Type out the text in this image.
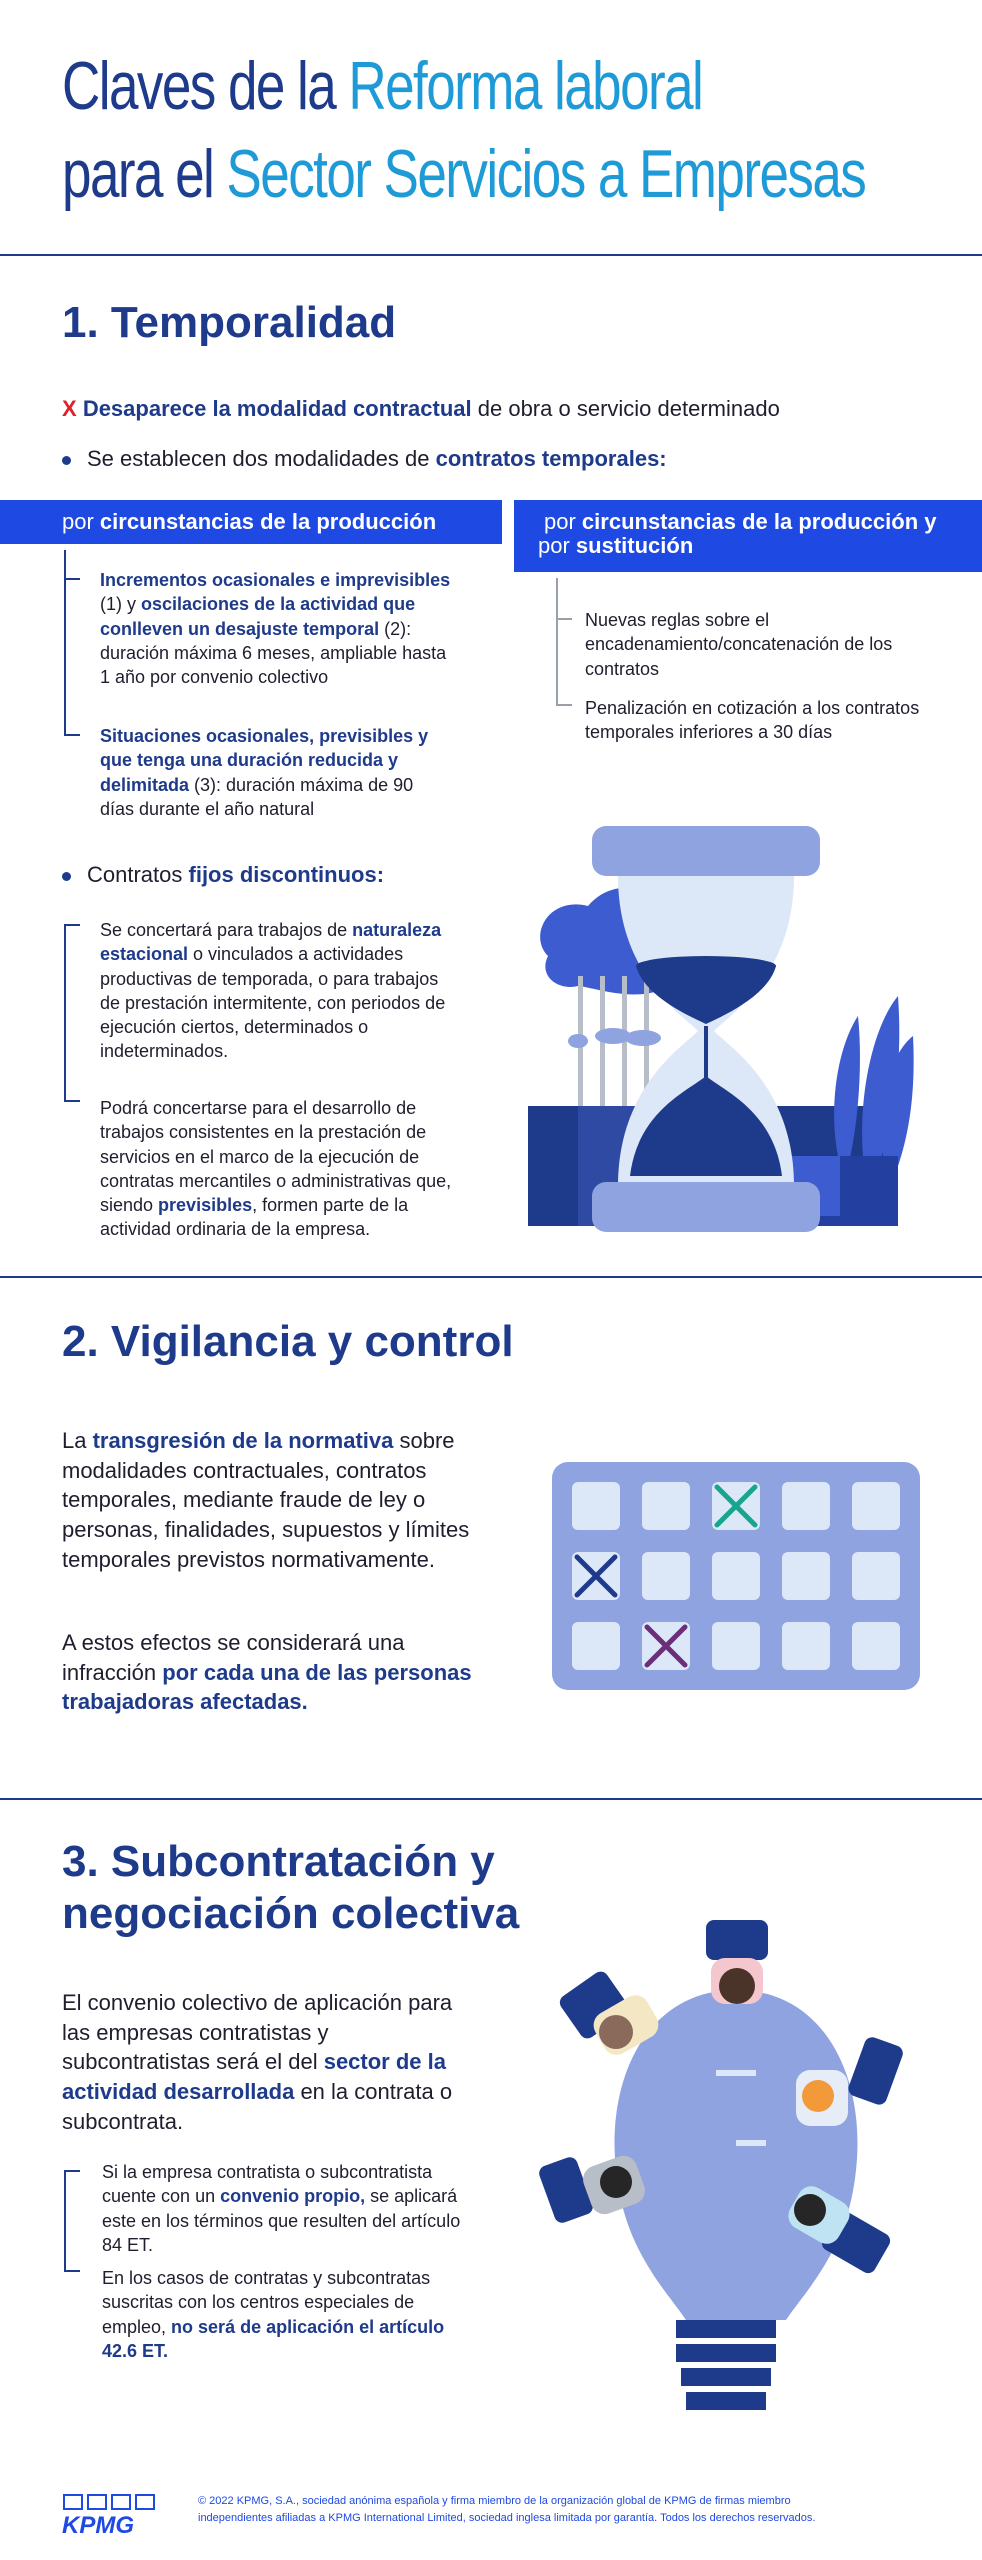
Claves de la Reforma laboral
para el Sector Servicios a Empresas
1. Temporalidad
X Desaparece la modalidad contractual de obra o servicio determinado
Se establecen dos modalidades de contratos temporales:
por circunstancias de la producción	por circunstancias de la producción y
por sustitución
Incrementos ocasionales e imprevisibles (1) y oscilaciones de la actividad que conlleven un desajuste temporal (2): duración máxima 6 meses, ampliable hasta 1 año por convenio colectivo
Situaciones ocasionales, previsibles y que tenga una duración reducida y delimitada (3): duración máxima de 90 días durante el año natural
Nuevas reglas sobre el encadenamiento/concatenación de los contratos
Penalización en cotización a los contratos temporales inferiores a 30 días
Contratos fijos discontinuos:
Se concertará para trabajos de naturaleza estacional o vinculados a actividades productivas de temporada, o para trabajos de prestación intermitente, con periodos de ejecución ciertos, determinados o indeterminados.
Podrá concertarse para el desarrollo de trabajos consistentes en la prestación de servicios en el marco de la ejecución de contratas mercantiles o administrativas que, siendo previsibles, formen parte de la actividad ordinaria de la empresa.
2. Vigilancia y control
La transgresión de la normativa sobre modalidades contractuales, contratos temporales, mediante fraude de ley o personas, finalidades, supuestos y límites temporales previstos normativamente.
A estos efectos se considerará una infracción por cada una de las personas trabajadoras afectadas.
3. Subcontratación y
negociación colectiva
El convenio colectivo de aplicación para las empresas contratistas y subcontratistas será el del sector de la actividad desarrollada en la contrata o subcontrata.
Si la empresa contratista o subcontratista cuente con un convenio propio, se aplicará este en los términos que resulten del artículo 84 ET.
En los casos de contratas y subcontratas suscritas con los centros especiales de empleo, no será de aplicación el artículo 42.6 ET.
KPMG
© 2022 KPMG, S.A., sociedad anónima española y firma miembro de la organización global de KPMG de firmas miembro
independientes afiliadas a KPMG International Limited, sociedad inglesa limitada por garantía. Todos los derechos reservados.
